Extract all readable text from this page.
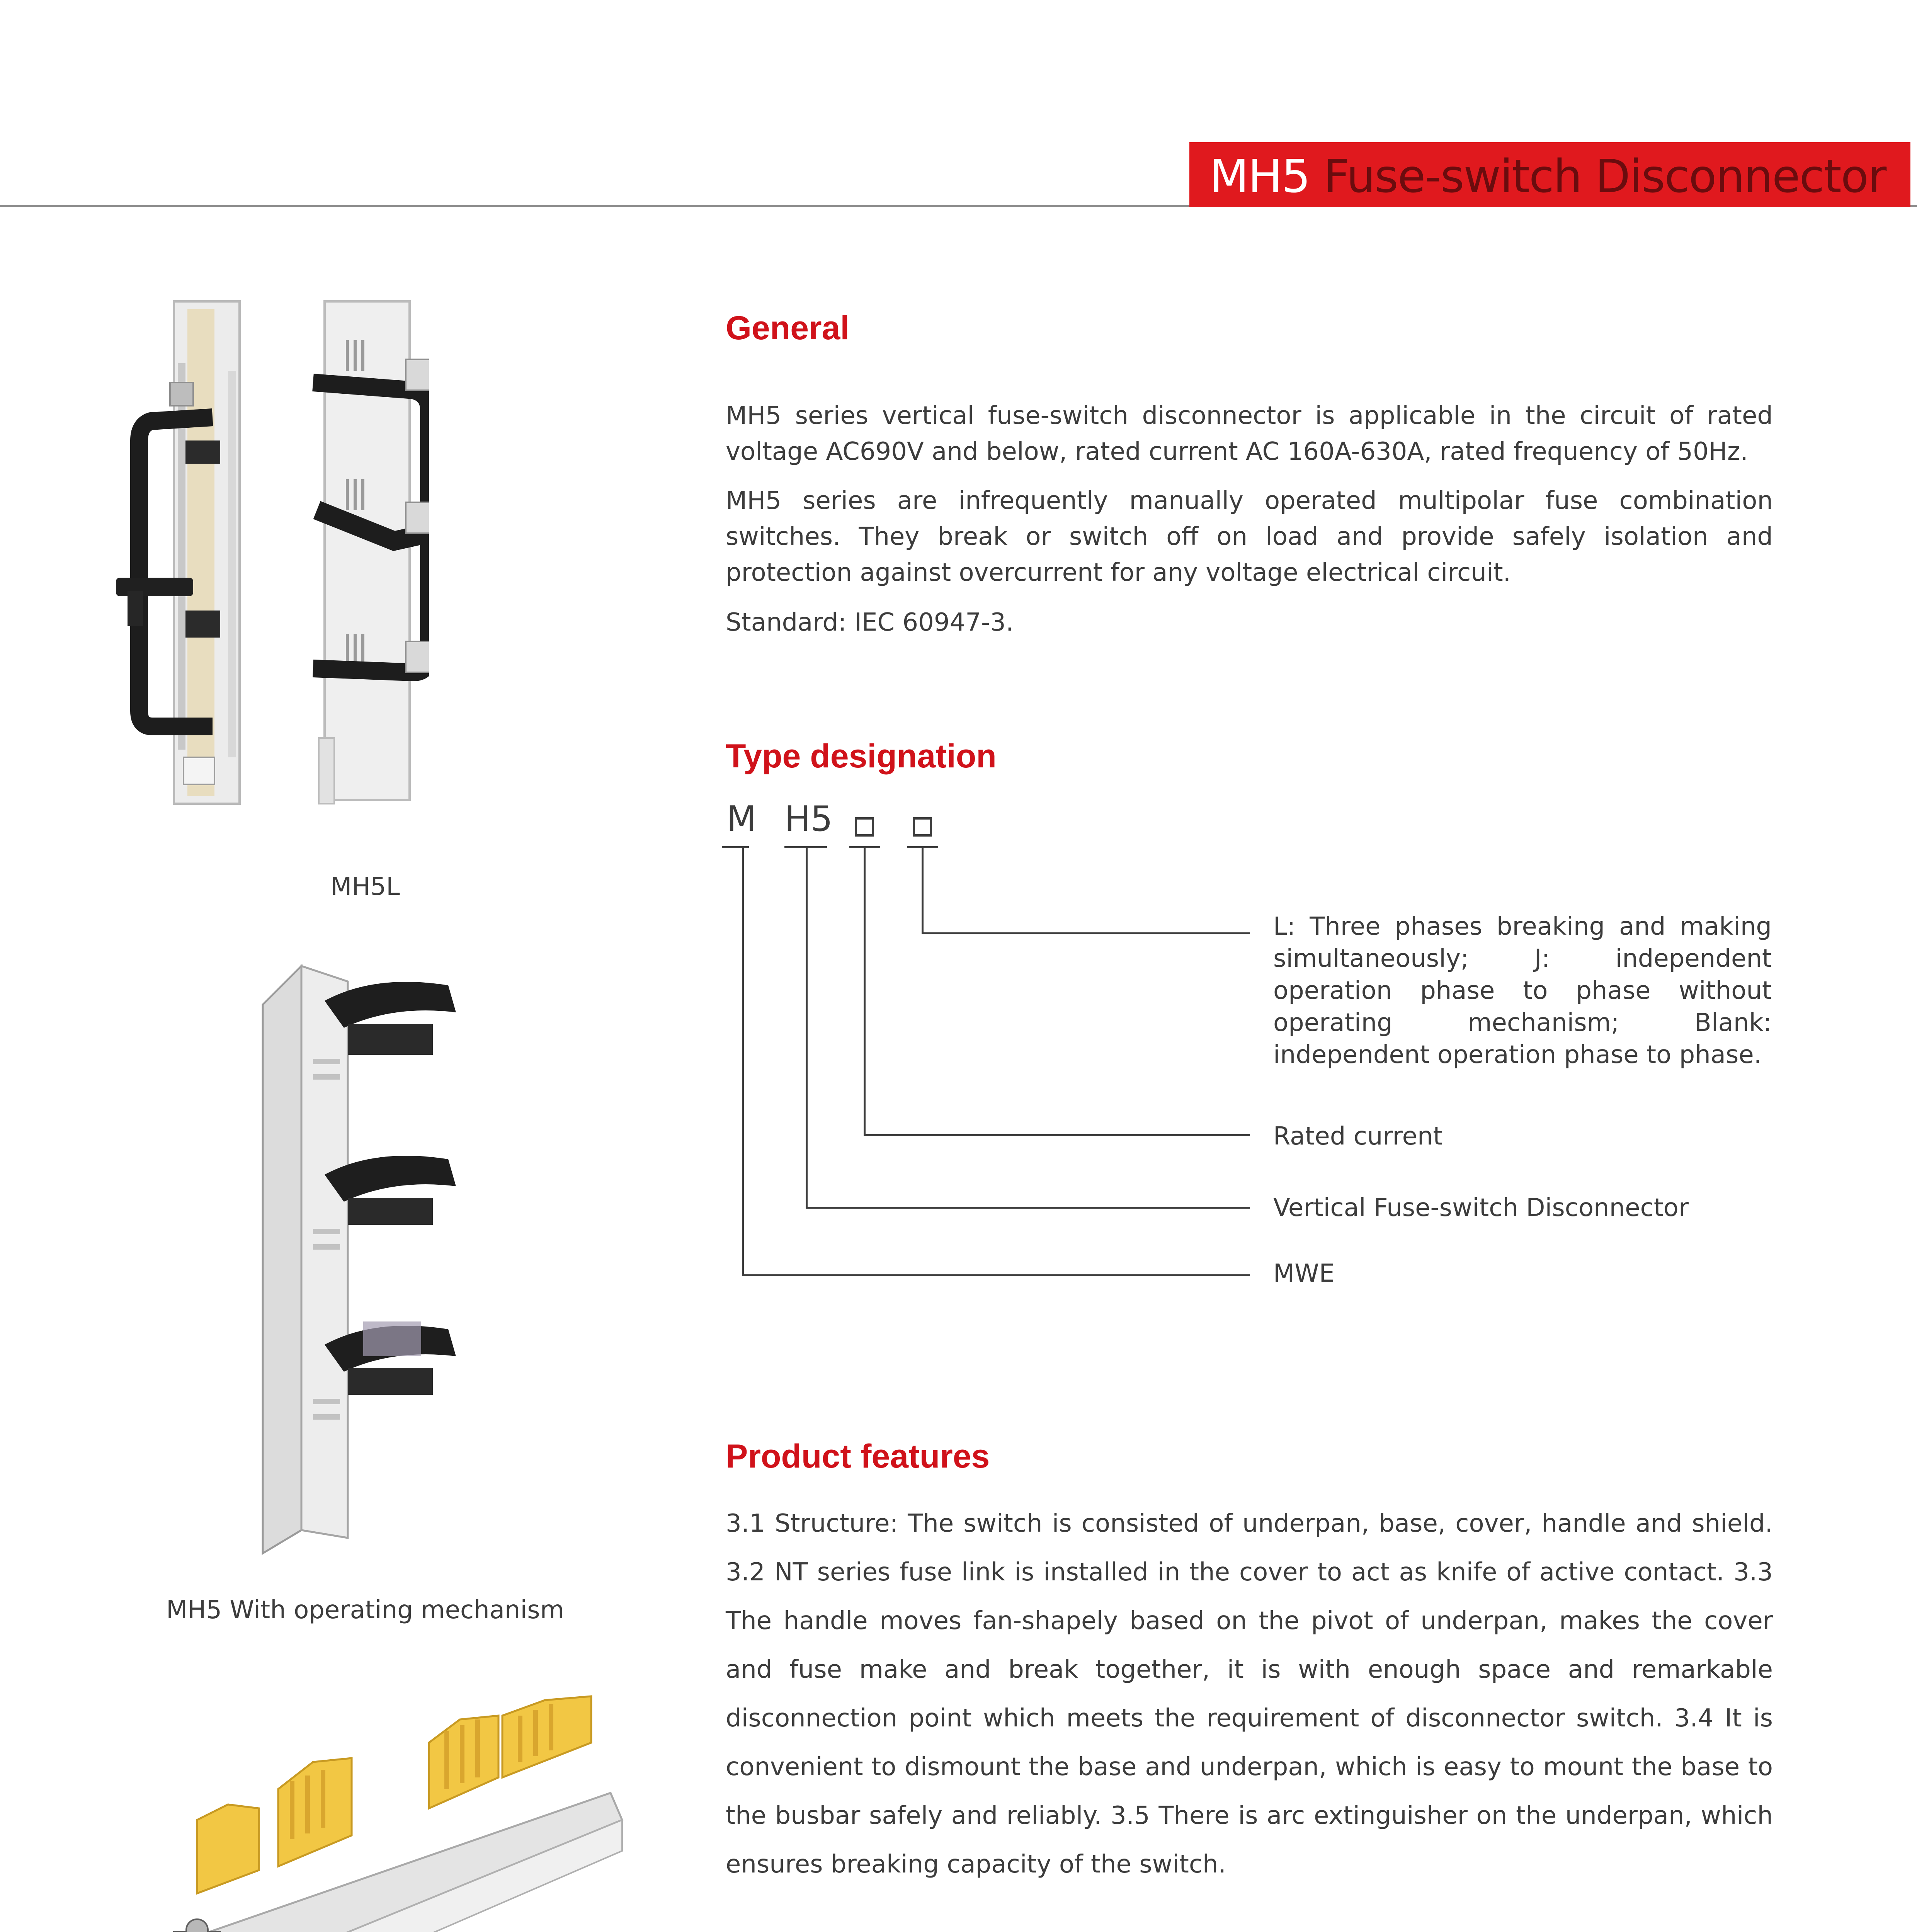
MH5 Fuse-switch Disconnector
MH5L
MH5 With operating mechanism
General

MH5 series vertical fuse-switch disconnector is applicable in the circuit of rated voltage AC690V and below, rated current AC 160A-630A, rated frequency of 50Hz.

MH5 series are infrequently manually operated multipolar fuse combination switches. They break or switch off on load and provide safely isolation and protection against overcurrent for any voltage electrical circuit.

Standard: IEC 60947-3.

Type designation
M H5

L: Three phases breaking and making simultaneously; J: independent operation phase to phase without operating mechanism; Blank: independent operation phase to phase.

Rated current

Vertical Fuse-switch Disconnector

MWE

Product features

3.1 Structure: The switch is consisted of underpan, base, cover, handle and shield. 3.2 NT series fuse link is installed in the cover to act as knife of active contact. 3.3 The handle moves fan-shapely based on the pivot of underpan, makes the cover and fuse make and break together, it is with enough space and remarkable disconnection point which meets the requirement of disconnector switch. 3.4 It is convenient to dismount the base and underpan, which is easy to mount the base to the busbar safely and reliably. 3.5 There is arc extinguisher on the underpan, which ensures breaking capacity of the switch.
